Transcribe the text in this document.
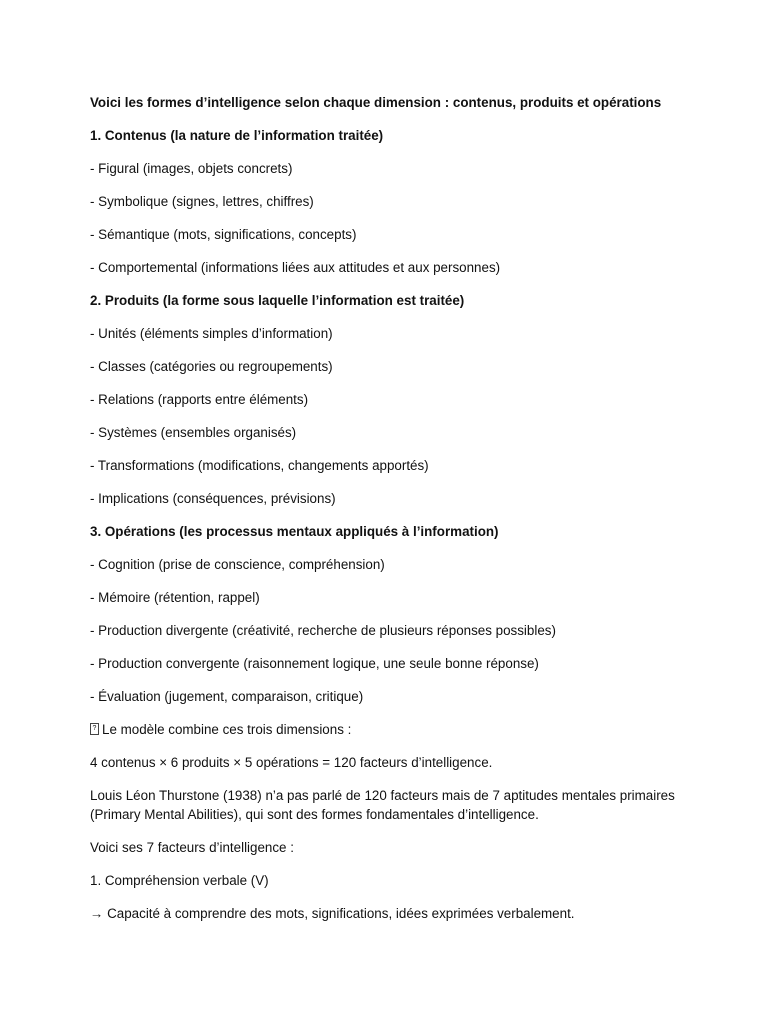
Voici les formes d’intelligence selon chaque dimension : contenus, produits et opérations

1. Contenus (la nature de l’information traitée)

- Figural (images, objets concrets)

- Symbolique (signes, lettres, chiffres)

- Sémantique (mots, significations, concepts)

- Comportemental (informations liées aux attitudes et aux personnes)

2. Produits (la forme sous laquelle l’information est traitée)

- Unités (éléments simples d’information)

- Classes (catégories ou regroupements)

- Relations (rapports entre éléments)

- Systèmes (ensembles organisés)

- Transformations (modifications, changements apportés)

- Implications (conséquences, prévisions)

3. Opérations (les processus mentaux appliqués à l’information)

- Cognition (prise de conscience, compréhension)

- Mémoire (rétention, rappel)

- Production divergente (créativité, recherche de plusieurs réponses possibles)

- Production convergente (raisonnement logique, une seule bonne réponse)

- Évaluation (jugement, comparaison, critique)

? Le modèle combine ces trois dimensions :

4 contenus × 6 produits × 5 opérations = 120 facteurs d’intelligence.

Louis Léon Thurstone (1938) n’a pas parlé de 120 facteurs mais de 7 aptitudes mentales primaires (Primary Mental Abilities), qui sont des formes fondamentales d’intelligence.

Voici ses 7 facteurs d’intelligence :

1. Compréhension verbale (V)

→ Capacité à comprendre des mots, significations, idées exprimées verbalement.
